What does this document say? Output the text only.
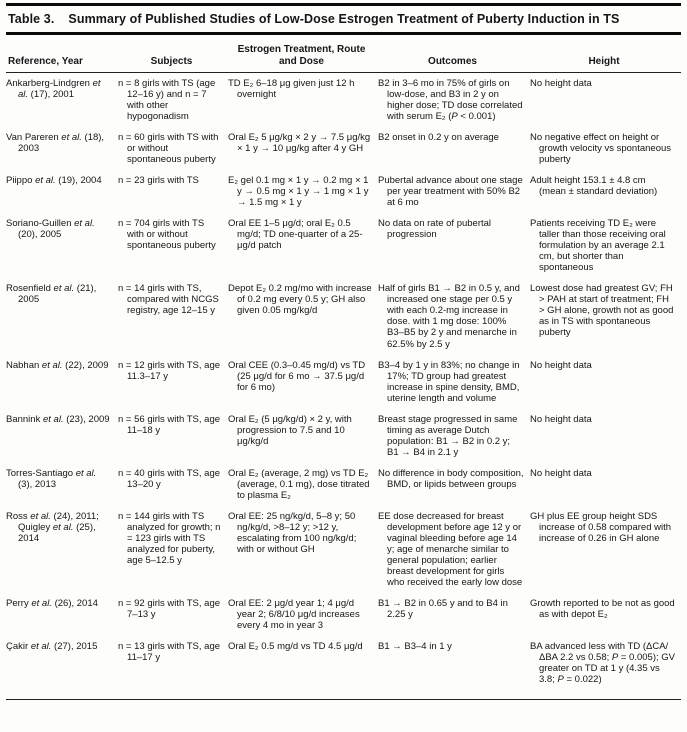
Table 3. Summary of Published Studies of Low-Dose Estrogen Treatment of Puberty Induction in TS
Reference, Year	Subjects	Estrogen Treatment, Route and Dose	Outcomes	Height

Ankarberg-Lindgren et al. (17), 2001	n = 8 girls with TS (age 12–16 y) and n = 7 with other hypogonadism	TD E₂ 6–18 μg given just 12 h overnight	B2 in 3–6 mo in 75% of girls on low-dose, and B3 in 2 y on higher dose; TD dose correlated with serum E₂ (P < 0.001)	No height data

Van Pareren et al. (18), 2003	n = 60 girls with TS with or without spontaneous puberty	Oral E₂ 5 μg/kg × 2 y → 7.5 μg/kg × 1 y → 10 μg/kg after 4 y GH	B2 onset in 0.2 y on average	No negative effect on height or growth velocity vs spontaneous puberty

Piippo et al. (19), 2004	n = 23 girls with TS	E₂ gel 0.1 mg × 1 y → 0.2 mg × 1 y → 0.5 mg × 1 y → 1 mg × 1 y → 1.5 mg × 1 y	Pubertal advance about one stage per year treatment with 50% B2 at 6 mo	Adult height 153.1 ± 4.8 cm (mean ± standard deviation)

Soriano-Guillen et al. (20), 2005	n = 704 girls with TS with or without spontaneous puberty	Oral EE 1–5 μg/d; oral E₂ 0.5 mg/d; TD one-quarter of a 25-μg/d patch	No data on rate of pubertal progression	Patients receiving TD E₂ were taller than those receiving oral formulation by an average 2.1 cm, but shorter than spontaneous

Rosenfield et al. (21), 2005	n = 14 girls with TS, compared with NCGS registry, age 12–15 y	Depot E₂ 0.2 mg/mo with increase of 0.2 mg every 0.5 y; GH also given 0.05 mg/kg/d	Half of girls B1 → B2 in 0.5 y, and increased one stage per 0.5 y with each 0.2-mg increase in dose. with 1 mg dose: 100% B3–B5 by 2 y and menarche in 62.5% by 2.5 y	Lowest dose had greatest GV; FH > PAH at start of treatment; FH > GH alone, growth not as good as in TS with spontaneous puberty

Nabhan et al. (22), 2009	n = 12 girls with TS, age 11.3–17 y	Oral CEE (0.3–0.45 mg/d) vs TD (25 μg/d for 6 mo → 37.5 μg/d for 6 mo)	B3–4 by 1 y in 83%; no change in 17%; TD group had greatest increase in spine density, BMD, uterine length and volume	No height data

Bannink et al. (23), 2009	n = 56 girls with TS, age 11–18 y	Oral E₂ (5 μg/kg/d) × 2 y, with progression to 7.5 and 10 μg/kg/d	Breast stage progressed in same timing as average Dutch population: B1 → B2 in 0.2 y; B1 → B4 in 2.1 y	No height data

Torres-Santiago et al. (3), 2013	n = 40 girls with TS, age 13–20 y	Oral E₂ (average, 2 mg) vs TD E₂ (average, 0.1 mg), dose titrated to plasma E₂	No difference in body composition, BMD, or lipids between groups	No height data

Ross et al. (24), 2011; Quigley et al. (25), 2014	n = 144 girls with TS analyzed for growth; n = 123 girls with TS analyzed for puberty, age 5–12.5 y	Oral EE: 25 ng/kg/d, 5–8 y; 50 ng/kg/d, >8–12 y; >12 y, escalating from 100 ng/kg/d; with or without GH	EE dose decreased for breast development before age 12 y or vaginal bleeding before age 14 y; age of menarche similar to general population; earlier breast development for girls who received the early low dose	GH plus EE group height SDS increase of 0.58 compared with increase of 0.26 in GH alone

Perry et al. (26), 2014	n = 92 girls with TS, age 7–13 y	Oral EE: 2 μg/d year 1; 4 μg/d year 2; 6/8/10 μg/d increases every 4 mo in year 3	B1 → B2 in 0.65 y and to B4 in 2.25 y	Growth reported to be not as good as with depot E₂

Çakir et al. (27), 2015	n = 13 girls with TS, age 11–17 y	Oral E₂ 0.5 mg/d vs TD 4.5 μg/d	B1 → B3–4 in 1 y	BA advanced less with TD (ΔCA/ΔBA 2.2 vs 0.58; P = 0.005); GV greater on TD at 1 y (4.35 vs 3.8; P = 0.022)
